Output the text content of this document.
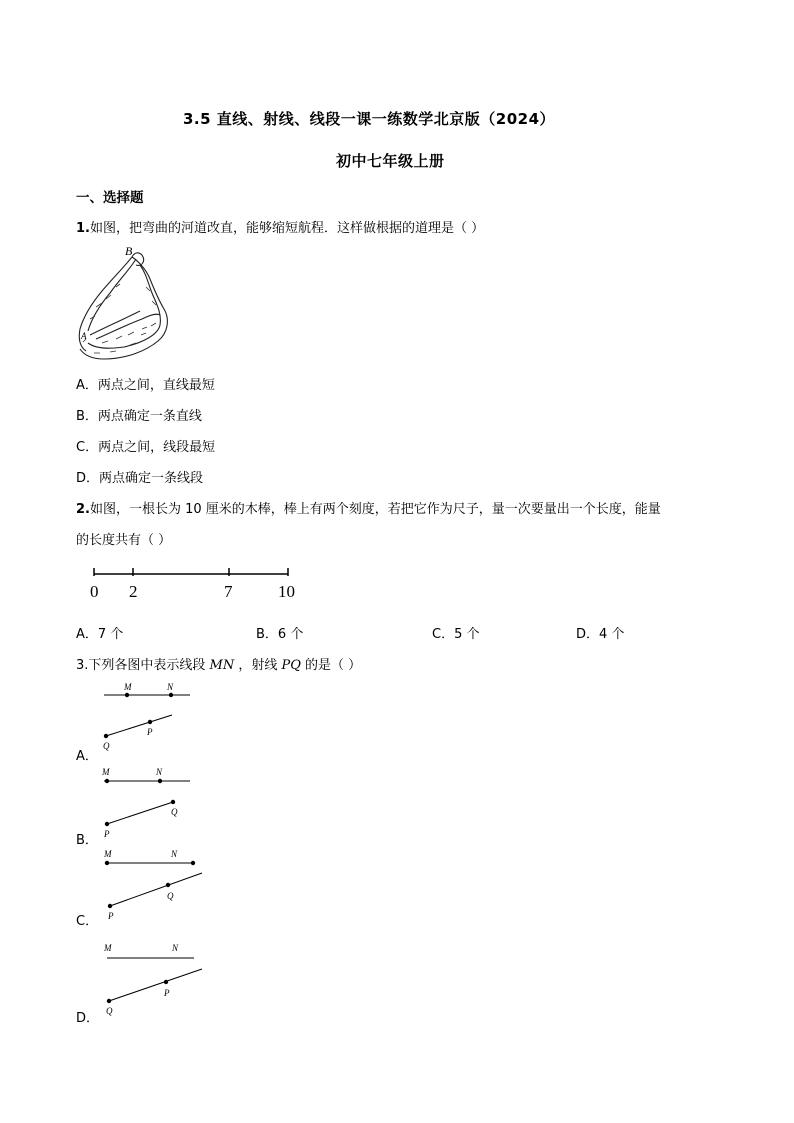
3.5 直线、射线、线段一课一练数学北京版（2024）
初中七年级上册
一、选择题
1.如图，把弯曲的河道改直，能够缩短航程．这样做根据的道理是（ ）
B
A
A．两点之间，直线最短
B．两点确定一条直线
C．两点之间，线段最短
D．两点确定一条线段
2.如图，一根长为 10 厘米的木棒，棒上有两个刻度，若把它作为尺子，量一次要量出一个长度，能量
的长度共有（ ）
0 2	7	10
A．7 个	B．6 个	C．5 个	D．4 个
3.下列各图中表示线段 MN ，射线 PQ 的是（ ）
M	N
Q
P
A．
M	N
P
Q
B．
M	N
P
Q
C．
M	N
Q
P
D．
